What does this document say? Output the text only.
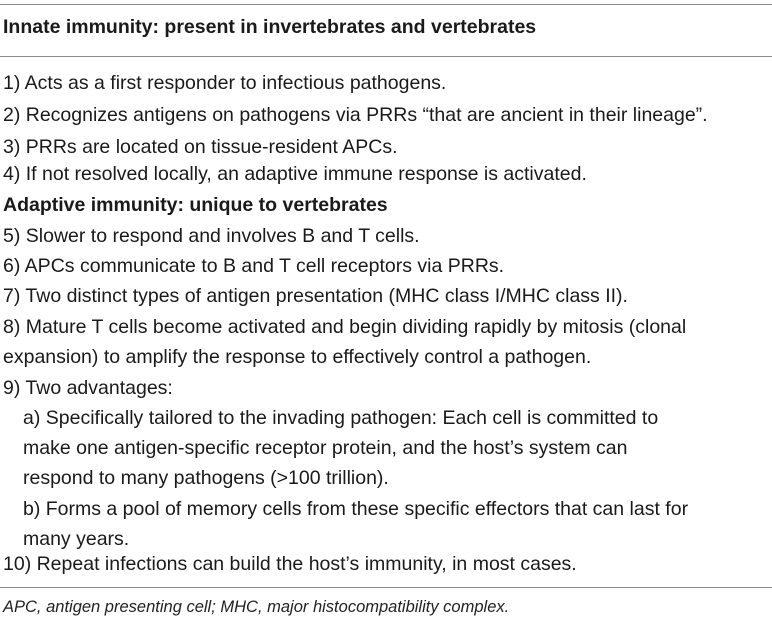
Innate immunity: present in invertebrates and vertebrates
1) Acts as a first responder to infectious pathogens.
2) Recognizes antigens on pathogens via PRRs “that are ancient in their lineage”.
3) PRRs are located on tissue-resident APCs.
4) If not resolved locally, an adaptive immune response is activated.
Adaptive immunity: unique to vertebrates
5) Slower to respond and involves B and T cells.
6) APCs communicate to B and T cell receptors via PRRs.
7) Two distinct types of antigen presentation (MHC class I/MHC class II).
8) Mature T cells become activated and begin dividing rapidly by mitosis (clonal
expansion) to amplify the response to effectively control a pathogen.
9) Two advantages:
a) Specifically tailored to the invading pathogen: Each cell is committed to
make one antigen-specific receptor protein, and the host’s system can
respond to many pathogens (>100 trillion).
b) Forms a pool of memory cells from these specific effectors that can last for
many years.
10) Repeat infections can build the host’s immunity, in most cases.
APC, antigen presenting cell; MHC, major histocompatibility complex.
